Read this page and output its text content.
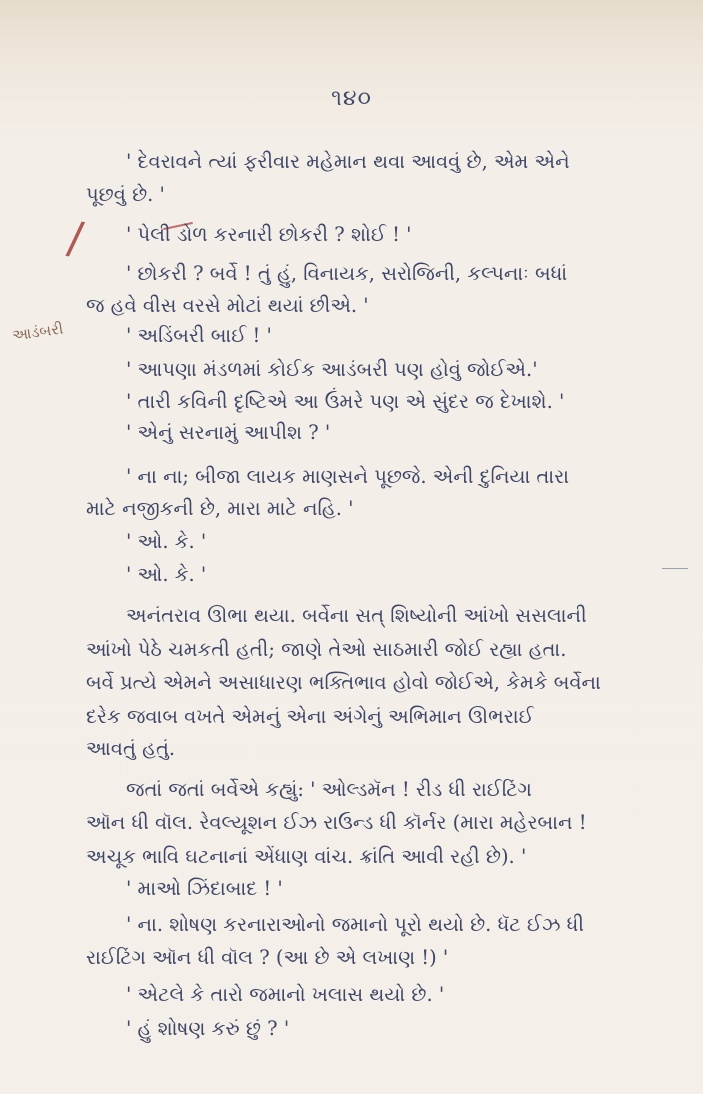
૧૪૦
/
આડંબરી
' દેવરાવને ત્યાં ફરીવાર મહેમાન થવા આવવું છે, એમ એને
પૂછવું છે. '
' પેલી ડોળ કરનારી છોકરી ? શોઈ ! '
' છોકરી ? બર્વે ! તું હું, વિનાયક, સરોજિની, કલ્પનાઃ બધાં
જ હવે વીસ વરસે મોટાં થયાં છીએ. '
' અડિંબરી બાઈ ! '
' આપણા મંડળમાં કોઈક આડંબરી પણ હોવું જોઈએ.'
' તારી કવિની દૃષ્ટિએ આ ઉંમરે પણ એ સુંદર જ દેખાશે. '
' એનું સરનામું આપીશ ? '
' ના ના; બીજા લાયક માણસને પૂછજે. એની દુનિયા તારા
માટે નજીકની છે, મારા માટે નહિ. '
' ઓ. કે. '
' ઓ. કે. '
અનંતરાવ ઊભા થયા. બર્વેના સત્ શિષ્યોની આંખો સસલાની
આંખો પેઠે ચમકતી હતી; જાણે તેઓ સાઠમારી જોઈ રહ્યા હતા.
બર્વે પ્રત્યે એમને અસાધારણ ભક્તિભાવ હોવો જોઈએ, કેમકે બર્વેના
દરેક જવાબ વખતે એમનું એના અંગેનું અભિમાન ઊભરાઈ
આવતું હતું.
જતાં જતાં બર્વેએ કહ્યું: ' ઓલ્ડમૅન ! રીડ ધી રાઈટિંગ
ઑન ધી વૉલ. રેવલ્યૂશન ઈઝ રાઉન્ડ ધી કૉર્નર (મારા મહેરબાન !
અચૂક ભાવિ ઘટનાનાં એંધાણ વાંચ. ક્રાંતિ આવી રહી છે). '
' માઓ ઝિંદાબાદ ! '
' ના. શોષણ કરનારાઓનો જમાનો પૂરો થયો છે. ધૅટ ઈઝ ધી
રાઈટિંગ ઑન ધી વૉલ ? (આ છે એ લખાણ !) '
' એટલે કે તારો જમાનો ખલાસ થયો છે. '
' હું શોષણ કરું છું ? '
